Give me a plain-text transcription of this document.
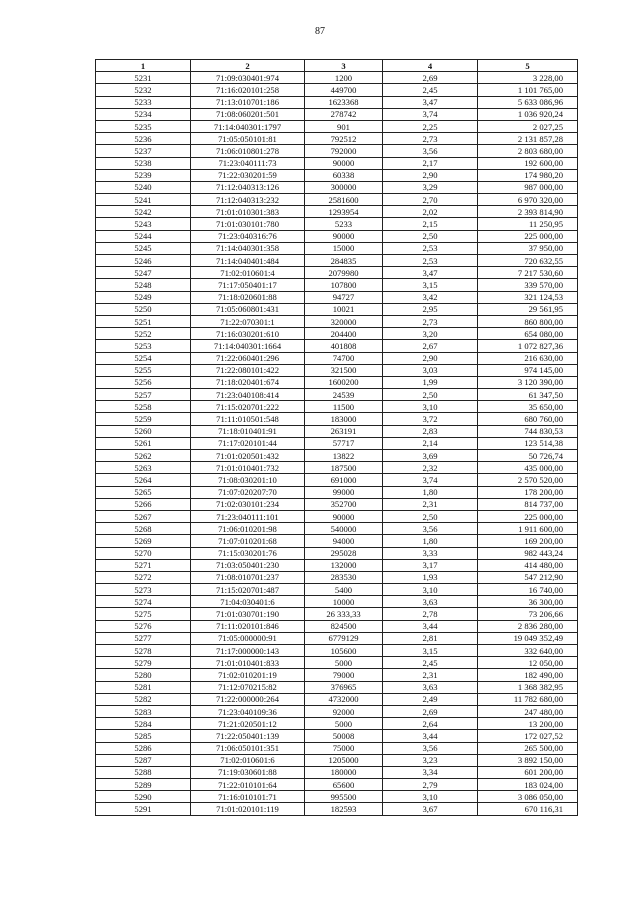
87
1	2	3	4	5
5231	71:09:030401:974	1200	2,69	3 228,00
5232	71:16:020101:258	449700	2,45	1 101 765,00
5233	71:13:010701:186	1623368	3,47	5 633 086,96
5234	71:08:060201:501	278742	3,74	1 036 920,24
5235	71:14:040301:1797	901	2,25	2 027,25
5236	71:05:050101:81	792512	2,73	2 131 857,28
5237	71:06:010801:278	792000	3,56	2 803 680,00
5238	71:23:040111:73	90000	2,17	192 600,00
5239	71:22:030201:59	60338	2,90	174 980,20
5240	71:12:040313:126	300000	3,29	987 000,00
5241	71:12:040313:232	2581600	2,70	6 970 320,00
5242	71:01:010301:383	1293954	2,02	2 393 814,90
5243	71:01:030101:780	5233	2,15	11 250,95
5244	71:23:040316:76	90000	2,50	225 000,00
5245	71:14:040301:358	15000	2,53	37 950,00
5246	71:14:040401:484	284835	2,53	720 632,55
5247	71:02:010601:4	2079980	3,47	7 217 530,60
5248	71:17:050401:17	107800	3,15	339 570,00
5249	71:18:020601:88	94727	3,42	321 124,53
5250	71:05:060801:431	10021	2,95	29 561,95
5251	71:22:070301:1	320000	2,73	860 800,00
5252	71:16:030201:610	204400	3,20	654 080,00
5253	71:14:040301:1664	401808	2,67	1 072 827,36
5254	71:22:060401:296	74700	2,90	216 630,00
5255	71:22:080101:422	321500	3,03	974 145,00
5256	71:18:020401:674	1600200	1,99	3 120 390,00
5257	71:23:040108:414	24539	2,50	61 347,50
5258	71:15:020701:222	11500	3,10	35 650,00
5259	71:11:010501:548	183000	3,72	680 760,00
5260	71:18:010401:91	263191	2,83	744 830,53
5261	71:17:020101:44	57717	2,14	123 514,38
5262	71:01:020501:432	13822	3,69	50 726,74
5263	71:01:010401:732	187500	2,32	435 000,00
5264	71:08:030201:10	691000	3,74	2 570 520,00
5265	71:07:020207:70	99000	1,80	178 200,00
5266	71:02:030101:234	352700	2,31	814 737,00
5267	71:23:040111:101	90000	2,50	225 000,00
5268	71:06:010201:98	540000	3,56	1 911 600,00
5269	71:07:010201:68	94000	1,80	169 200,00
5270	71:15:030201:76	295028	3,33	982 443,24
5271	71:03:050401:230	132000	3,17	414 480,00
5272	71:08:010701:237	283530	1,93	547 212,90
5273	71:15:020701:487	5400	3,10	16 740,00
5274	71:04:030401:6	10000	3,63	36 300,00
5275	71:01:030701:190	26 333,33	2,78	73 206,66
5276	71:11:020101:846	824500	3,44	2 836 280,00
5277	71:05:000000:91	6779129	2,81	19 049 352,49
5278	71:17:000000:143	105600	3,15	332 640,00
5279	71:01:010401:833	5000	2,45	12 050,00
5280	71:02:010201:19	79000	2,31	182 490,00
5281	71:12:070215:82	376965	3,63	1 368 382,95
5282	71:22:000000:264	4732000	2,49	11 782 680,00
5283	71:23:040109:36	92000	2,69	247 480,00
5284	71:21:020501:12	5000	2,64	13 200,00
5285	71:22:050401:139	50008	3,44	172 027,52
5286	71:06:050101:351	75000	3,56	265 500,00
5287	71:02:010601:6	1205000	3,23	3 892 150,00
5288	71:19:030601:88	180000	3,34	601 200,00
5289	71:22:010101:64	65600	2,79	183 024,00
5290	71:16:010101:71	995500	3,10	3 086 050,00
5291	71:01:020101:119	182593	3,67	670 116,31
